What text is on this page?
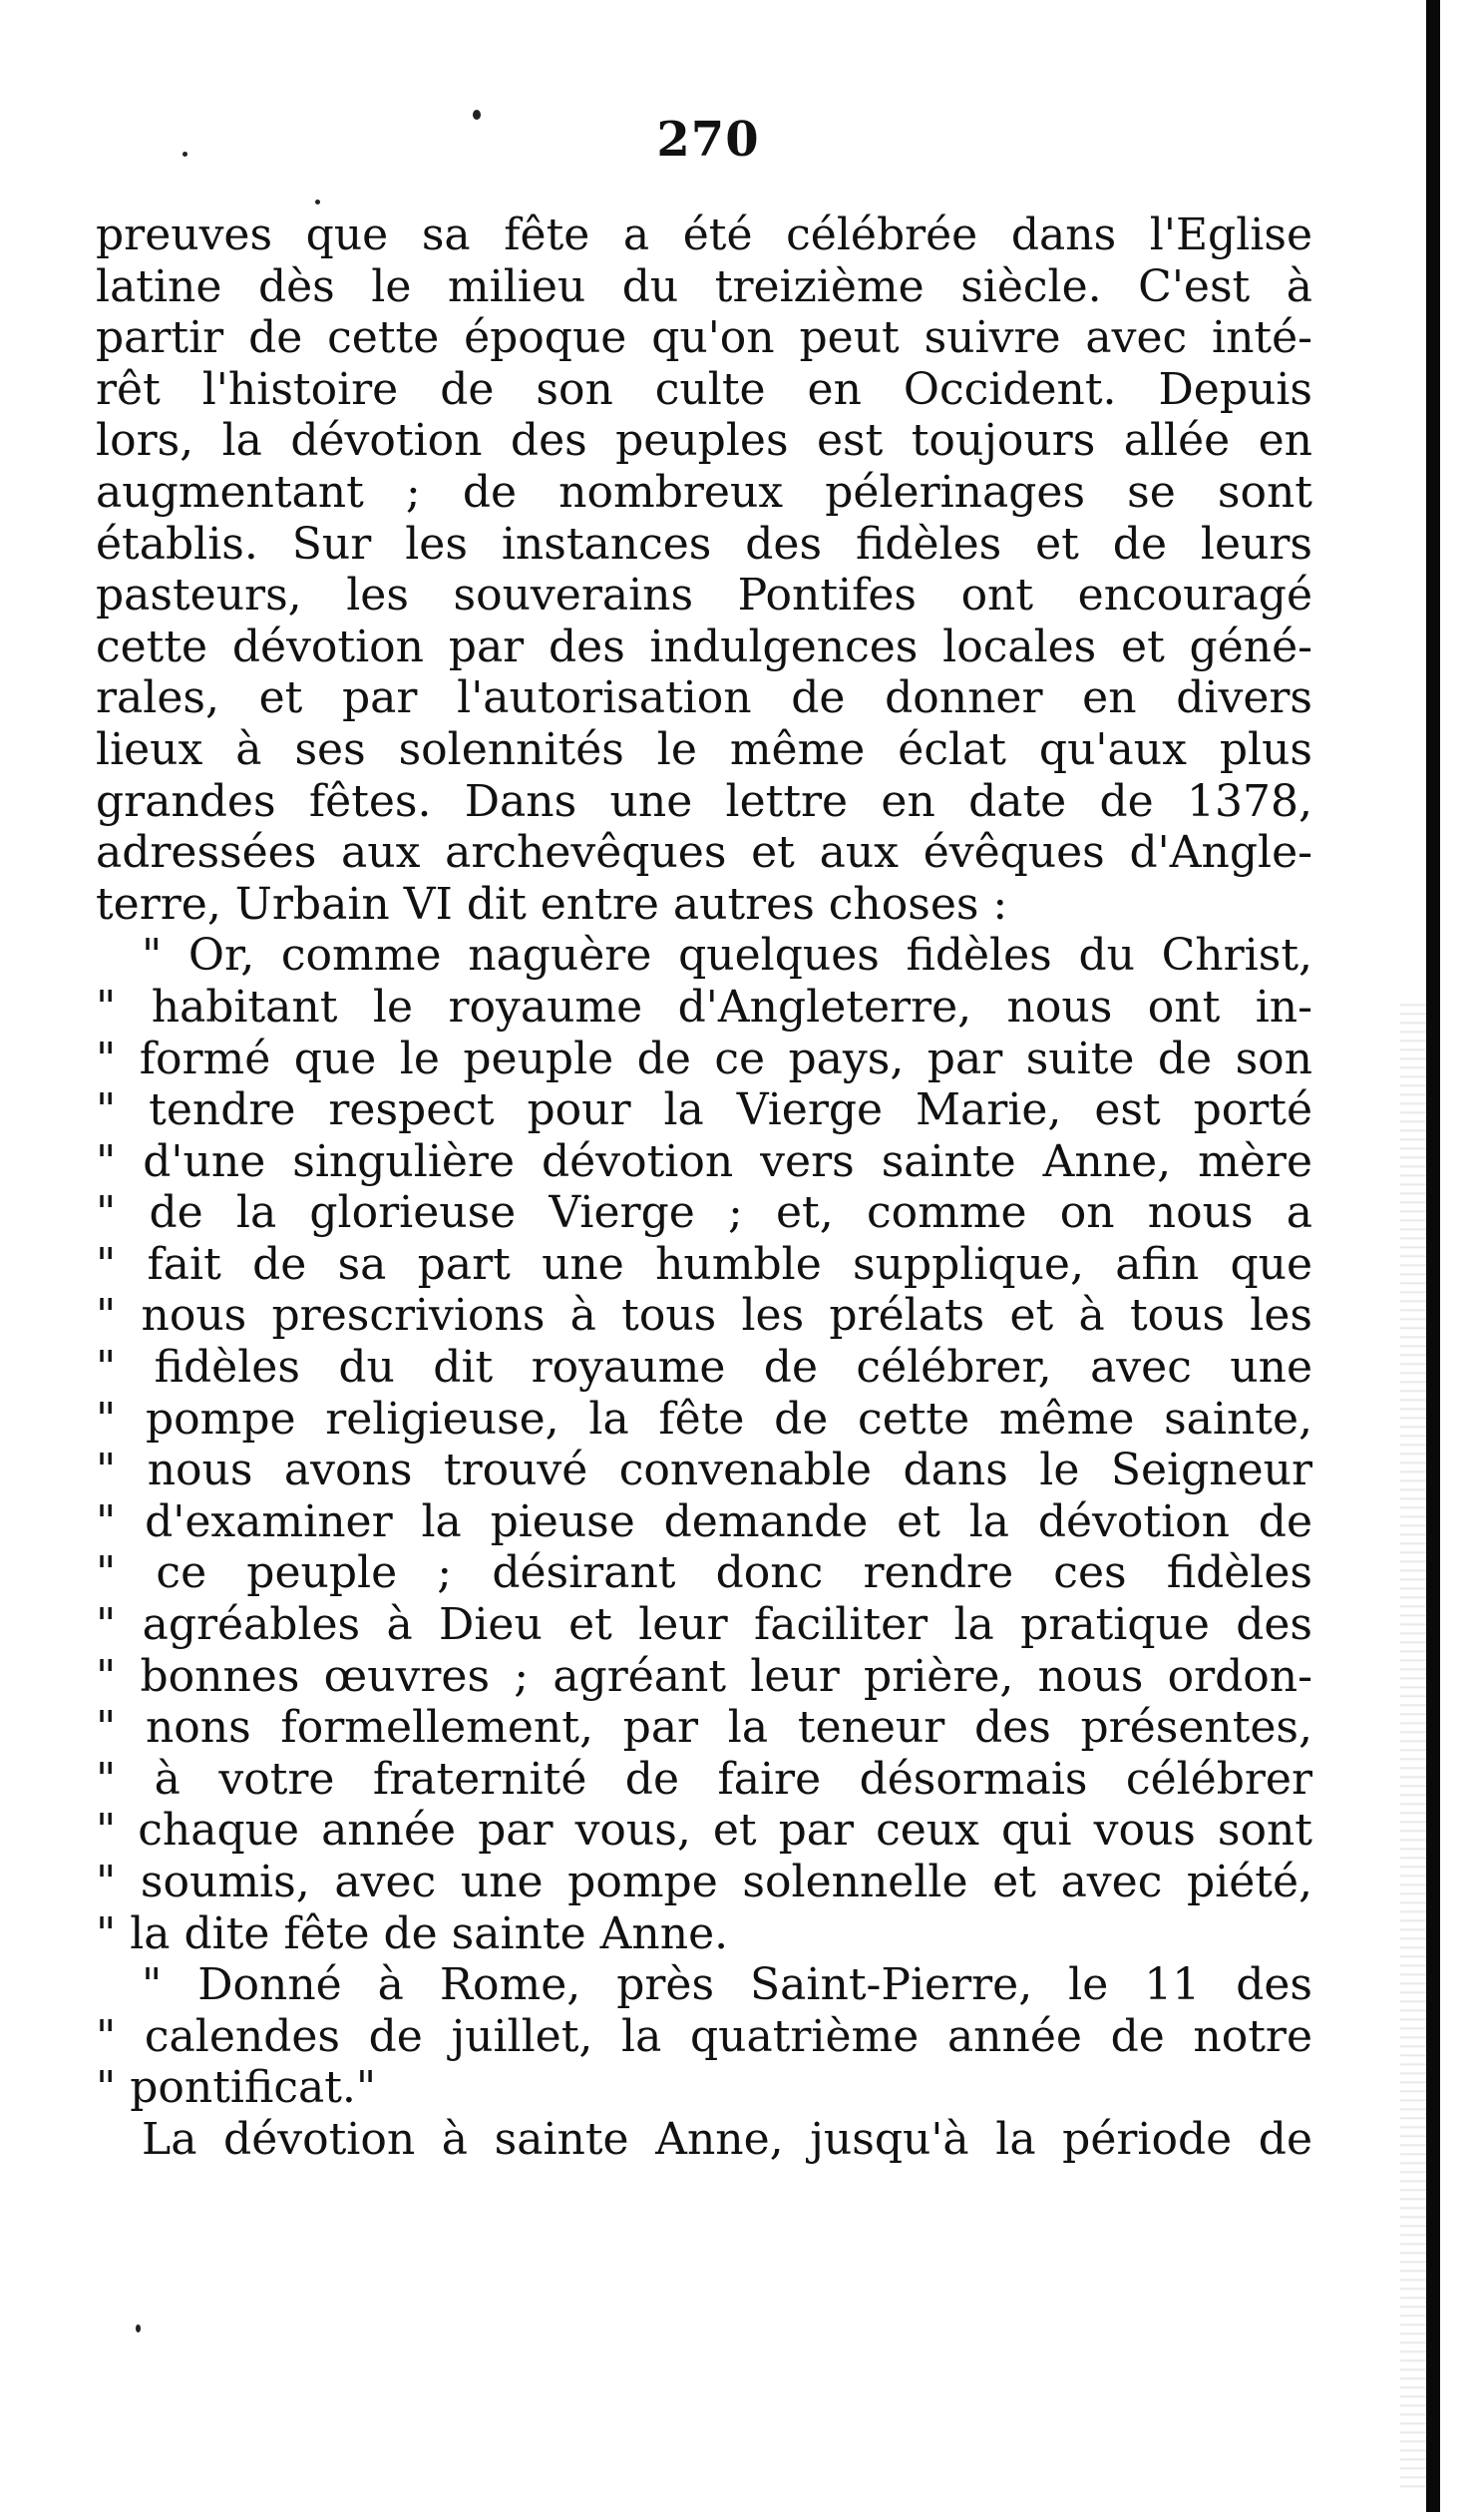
270
preuves que sa fête a été célébrée dans l'Eglise
latine dès le milieu du treizième siècle. C'est à
partir de cette époque qu'on peut suivre avec inté-
rêt l'histoire de son culte en Occident. Depuis
lors, la dévotion des peuples est toujours allée en
augmentant ; de nombreux pélerinages se sont
établis. Sur les instances des fidèles et de leurs
pasteurs, les souverains Pontifes ont encouragé
cette dévotion par des indulgences locales et géné-
rales, et par l'autorisation de donner en divers
lieux à ses solennités le même éclat qu'aux plus
grandes fêtes. Dans une lettre en date de 1378,
adressées aux archevêques et aux évêques d'Angle-
terre, Urbain VI dit entre autres choses :
" Or, comme naguère quelques fidèles du Christ,
" habitant le royaume d'Angleterre, nous ont in-
" formé que le peuple de ce pays, par suite de son
" tendre respect pour la Vierge Marie, est porté
" d'une singulière dévotion vers sainte Anne, mère
" de la glorieuse Vierge ; et, comme on nous a
" fait de sa part une humble supplique, afin que
" nous prescrivions à tous les prélats et à tous les
" fidèles du dit royaume de célébrer, avec une
" pompe religieuse, la fête de cette même sainte,
" nous avons trouvé convenable dans le Seigneur
" d'examiner la pieuse demande et la dévotion de
" ce peuple ; désirant donc rendre ces fidèles
" agréables à Dieu et leur faciliter la pratique des
" bonnes œuvres ; agréant leur prière, nous ordon-
" nons formellement, par la teneur des présentes,
" à votre fraternité de faire désormais célébrer
" chaque année par vous, et par ceux qui vous sont
" soumis, avec une pompe solennelle et avec piété,
" la dite fête de sainte Anne.
" Donné à Rome, près Saint-Pierre, le 11 des
" calendes de juillet, la quatrième année de notre
" pontificat."
La dévotion à sainte Anne, jusqu'à la période de
